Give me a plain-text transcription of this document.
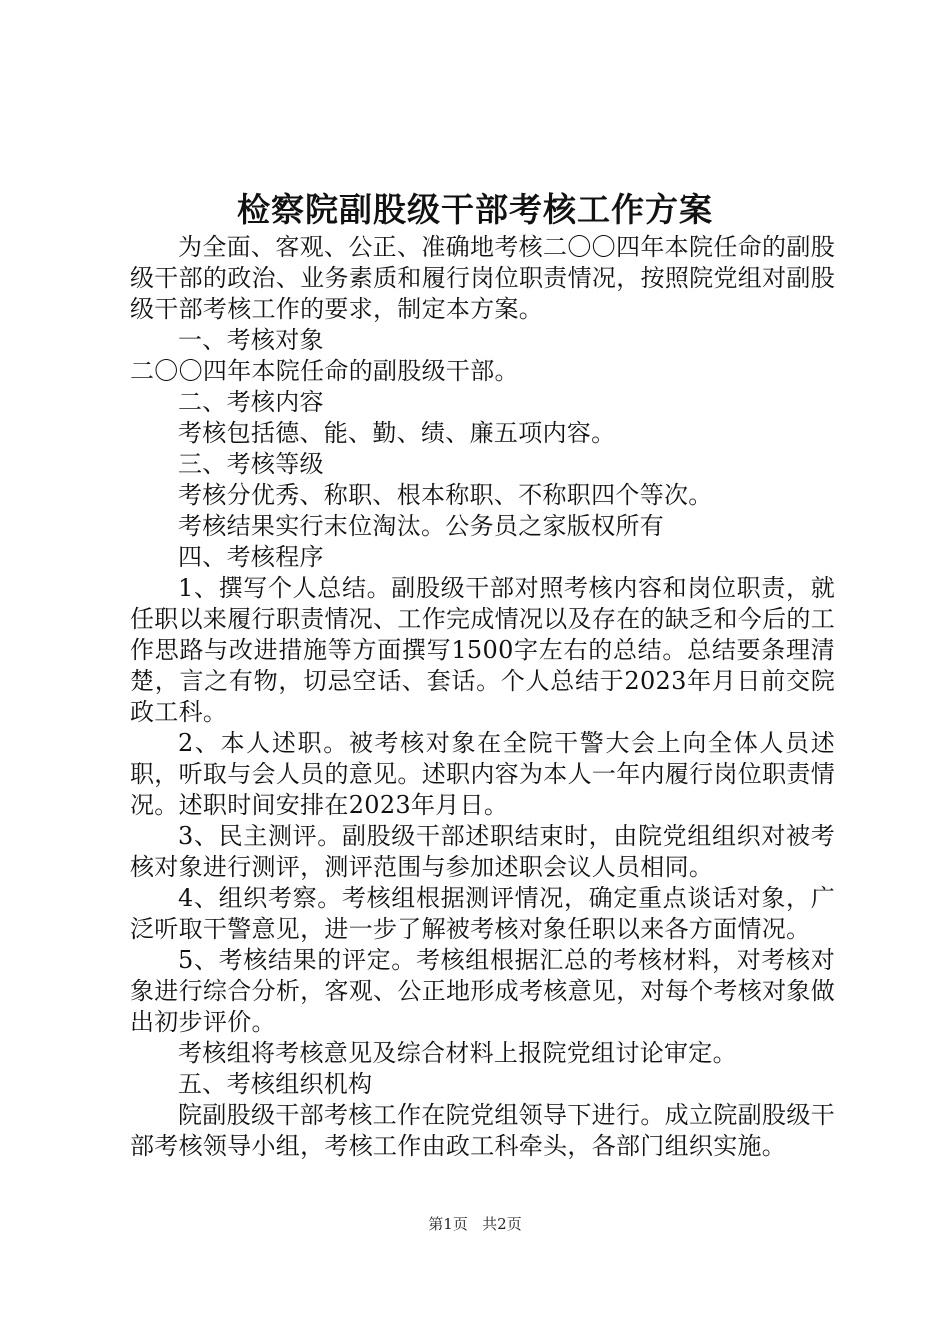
检察院副股级干部考核工作方案

为全面、客观、公正、准确地考核二〇〇四年本院任命的副股级干部的政治、业务素质和履行岗位职责情况，按照院党组对副股级干部考核工作的要求，制定本方案。

一、考核对象

二〇〇四年本院任命的副股级干部。

二、考核内容

考核包括德、能、勤、绩、廉五项内容。

三、考核等级

考核分优秀、称职、根本称职、不称职四个等次。

考核结果实行末位淘汰。公务员之家版权所有

四、考核程序

1、撰写个人总结。副股级干部对照考核内容和岗位职责，就任职以来履行职责情况、工作完成情况以及存在的缺乏和今后的工作思路与改进措施等方面撰写1500字左右的总结。总结要条理清楚，言之有物，切忌空话、套话。个人总结于2023年月日前交院政工科。

2、本人述职。被考核对象在全院干警大会上向全体人员述职，听取与会人员的意见。述职内容为本人一年内履行岗位职责情况。述职时间安排在2023年月日。

3、民主测评。副股级干部述职结束时，由院党组组织对被考核对象进行测评，测评范围与参加述职会议人员相同。

4、组织考察。考核组根据测评情况，确定重点谈话对象，广泛听取干警意见，进一步了解被考核对象任职以来各方面情况。

5、考核结果的评定。考核组根据汇总的考核材料，对考核对象进行综合分析，客观、公正地形成考核意见，对每个考核对象做出初步评价。

考核组将考核意见及综合材料上报院党组讨论审定。

五、考核组织机构

院副股级干部考核工作在院党组领导下进行。成立院副股级干部考核领导小组，考核工作由政工科牵头，各部门组织实施。

第1页 共2页
